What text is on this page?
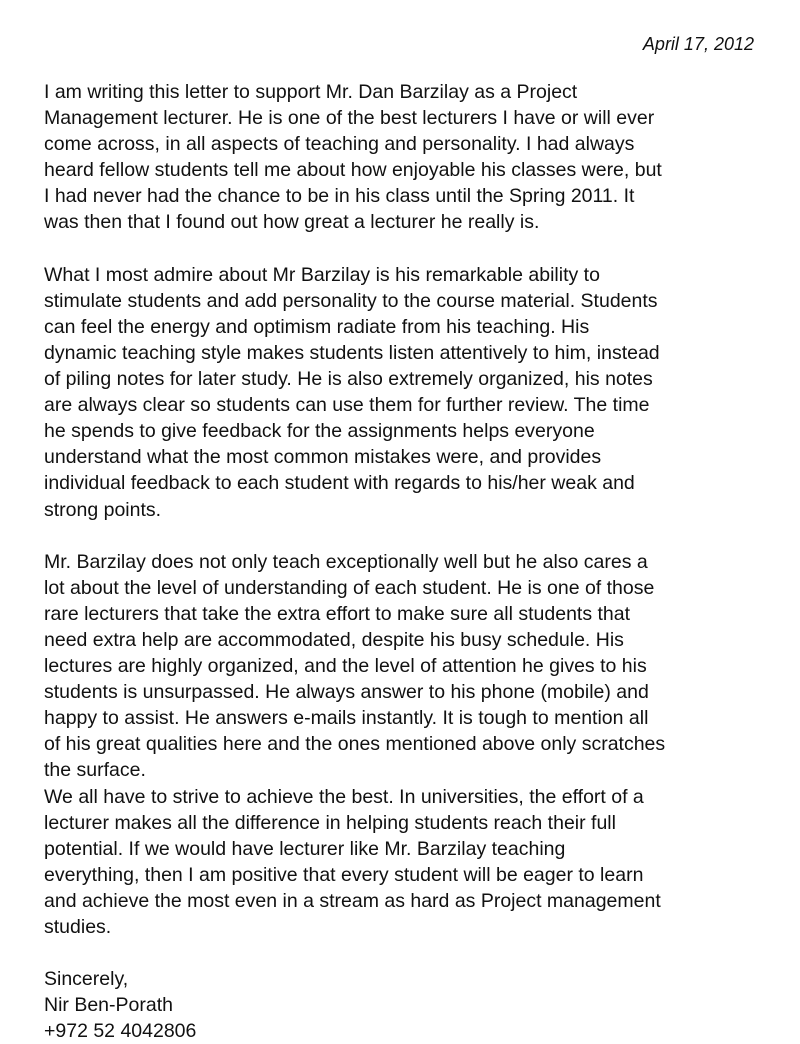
April 17, 2012
I am writing this letter to support Mr. Dan Barzilay as a Project
Management lecturer. He is one of the best lecturers I have or will ever
come across, in all aspects of teaching and personality. I had always
heard fellow students tell me about how enjoyable his classes were, but
I had never had the chance to be in his class until the Spring 2011. It
was then that I found out how great a lecturer he really is.
What I most admire about Mr Barzilay is his remarkable ability to
stimulate students and add personality to the course material. Students
can feel the energy and optimism radiate from his teaching. His
dynamic teaching style makes students listen attentively to him, instead
of piling notes for later study. He is also extremely organized, his notes
are always clear so students can use them for further review. The time
he spends to give feedback for the assignments helps everyone
understand what the most common mistakes were, and provides
individual feedback to each student with regards to his/her weak and
strong points.
Mr. Barzilay does not only teach exceptionally well but he also cares a
lot about the level of understanding of each student. He is one of those
rare lecturers that take the extra effort to make sure all students that
need extra help are accommodated, despite his busy schedule. His
lectures are highly organized, and the level of attention he gives to his
students is unsurpassed. He always answer to his phone (mobile) and
happy to assist. He answers e-mails instantly. It is tough to mention all
of his great qualities here and the ones mentioned above only scratches
the surface.
We all have to strive to achieve the best. In universities, the effort of a
lecturer makes all the difference in helping students reach their full
potential. If we would have lecturer like Mr. Barzilay teaching
everything, then I am positive that every student will be eager to learn
and achieve the most even in a stream as hard as Project management
studies.
Sincerely,
Nir Ben-Porath
+972 52 4042806
